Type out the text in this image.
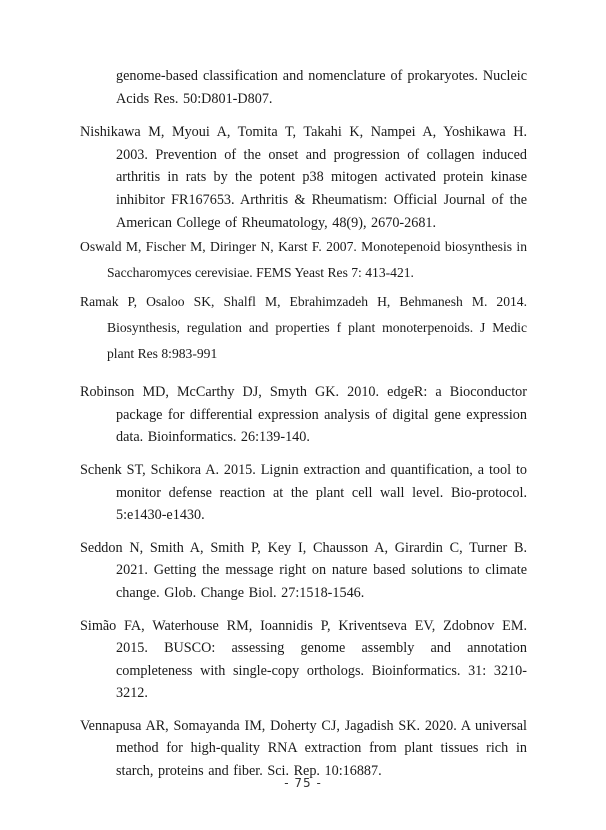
genome-based classification and nomenclature of prokaryotes. Nucleic Acids Res. 50:D801-D807.

Nishikawa M, Myoui A, Tomita T, Takahi K, Nampei A, Yoshikawa H. 2003. Prevention of the onset and progression of collagen induced arthritis in rats by the potent p38 mitogen activated protein kinase inhibitor FR167653. Arthritis & Rheumatism: Official Journal of the American College of Rheumatology, 48(9), 2670-2681.

Oswald M, Fischer M, Diringer N, Karst F. 2007. Monotepenoid biosynthesis in Saccharomyces cerevisiae. FEMS Yeast Res 7: 413-421.

Ramak P, Osaloo SK, Shalfl M, Ebrahimzadeh H, Behmanesh M. 2014. Biosynthesis, regulation and properties f plant monoterpenoids. J Medic plant Res 8:983-991

Robinson MD, McCarthy DJ, Smyth GK. 2010. edgeR: a Bioconductor package for differential expression analysis of digital gene expression data. Bioinformatics. 26:139-140.

Schenk ST, Schikora A. 2015. Lignin extraction and quantification, a tool to monitor defense reaction at the plant cell wall level. Bio-protocol. 5:e1430-e1430.

Seddon N, Smith A, Smith P, Key I, Chausson A, Girardin C, Turner B. 2021. Getting the message right on nature based solutions to climate change. Glob. Change Biol. 27:1518-1546.

Simão FA, Waterhouse RM, Ioannidis P, Kriventseva EV, Zdobnov EM. 2015. BUSCO: assessing genome assembly and annotation completeness with single-copy orthologs. Bioinformatics. 31: 3210-3212.

Vennapusa AR, Somayanda IM, Doherty CJ, Jagadish SK. 2020. A universal method for high-quality RNA extraction from plant tissues rich in starch, proteins and fiber. Sci. Rep. 10:16887.

- 75 -
